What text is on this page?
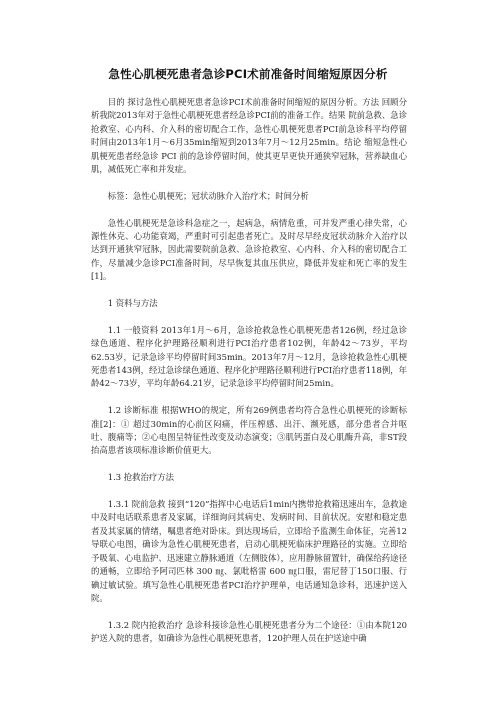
急性心肌梗死患者急诊PCI术前准备时间缩短原因分析

目的 探讨急性心肌梗死患者急诊PCI术前准备时间缩短的原因分析。方法 回顾分析我院2013年对于急性心肌梗死患者经急诊PCI前的准备工作。结果 院前急救、急诊抢救室、心内科、介入科的密切配合工作，急性心肌梗死患者PCI前急诊科平均停留时间由2013年1月～6月35min缩短到2013年7月～12月25min。结论 缩短急性心肌梗死患者经急诊 PCI 前的急诊停留时间，使其更早更快开通狭窄冠脉，营养缺血心肌，减低死亡率和并发症。

标签：急性心肌梗死；冠状动脉介入治疗术；时间分析

急性心肌梗死是急诊科急症之一，起病急，病情危重，可并发严重心律失常，心源性休克、心功能衰竭，严重时可引起患者死亡。及时尽早经皮冠状动脉介入治疗以达到开通狭窄冠脉，因此需要院前急救、急诊抢救室、心内科、介入科的密切配合工作，尽量减少急诊PCI准备时间，尽早恢复其血压供应，降低并发症和死亡率的发生[1]。

1 资料与方法

1.1 一般资料 2013年1月～6月，急诊抢救急性心肌梗死患者126例，经过急诊绿色通道、程序化护理路径顺利进行PCI治疗患者102例，年龄42～73岁，平均62.53岁，记录急诊平均停留时间35min。2013年7月～12月，急诊抢救急性心肌梗死患者143例，经过急诊绿色通道、程序化护理路径顺利进行PCI治疗患者118例，年龄42～73岁，平均年龄64.21岁，记录急诊平均停留时间25min。

1.2 诊断标准 根据WHO的规定，所有269例患者均符合急性心肌梗死的诊断标准[2]：① 超过30min的心前区闷痛，伴压榨感、出汗、濒死感，部分患者合并呕吐、腹痛等；②心电图呈特征性改变及动态演变；③肌钙蛋白及心肌酶升高，非ST段抬高患者该项标准诊断价值更大。

1.3 抢救治疗方法

1.3.1 院前急救 接到“120”指挥中心电话后1min内携带抢救箱迅速出车，急救途中及时电话联系患者及家属，详细询问其病史、发病时间、目前状况。安慰和稳定患者及其家属的情绪，嘱患者绝对卧床。到达现场后，立即给予监测生命体征，完善12导联心电图，确诊为急性心肌梗死患者，启动心肌梗死临床护理路径的实施。立即给予吸氧、心电监护、迅速建立静脉通道（左侧肢体），应用静脉留置针，确保给药途径的通畅，立即给予阿司匹林 300 ㎎、氯吡格雷 600 ㎎口服，雷尼替丁150口服、行碘过敏试验。填写急性心肌梗死患者PCI治疗护理单，电话通知急诊科，迅速护送入院。

1.3.2 院内抢救治疗 急诊科接诊急性心肌梗死患者分为二个途径：①由本院120护送入院的患者，如确诊为急性心肌梗死患者，120护理人员在护送途中确
